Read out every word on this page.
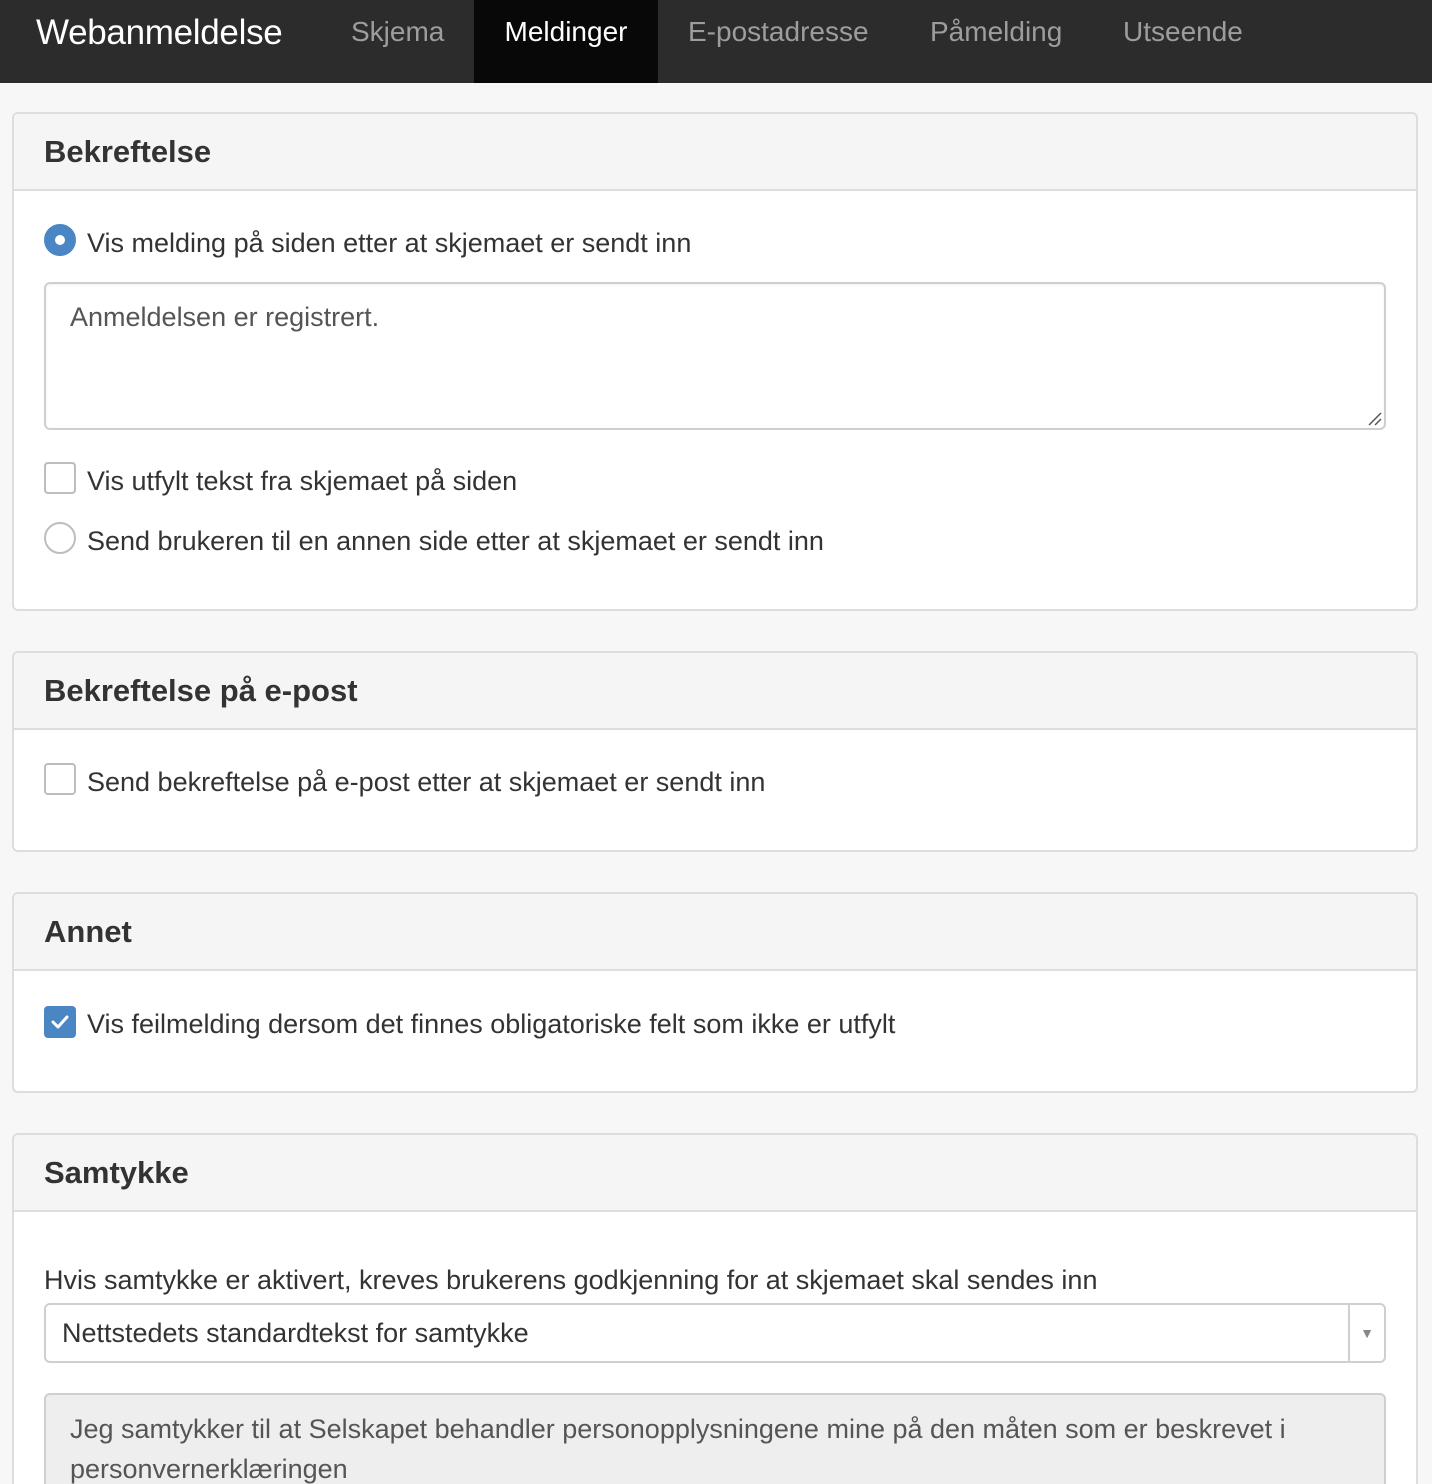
Webanmeldelse Skjema	Meldinger	E-postadresse Påmelding Utseende
Bekreftelse
Vis melding på siden etter at skjemaet er sendt inn
Anmeldelsen er registrert.
Vis utfylt tekst fra skjemaet på siden
Send brukeren til en annen side etter at skjemaet er sendt inn
Bekreftelse på e-post
Send bekreftelse på e-post etter at skjemaet er sendt inn
Annet
Vis feilmelding dersom det finnes obligatoriske felt som ikke er utfylt
Samtykke
Hvis samtykke er aktivert, kreves brukerens godkjenning for at skjemaet skal sendes inn
Nettstedets standardtekst for samtykke	▼
Jeg samtykker til at Selskapet behandler personopplysningene mine på den måten som er beskrevet i personvernerklæringen
